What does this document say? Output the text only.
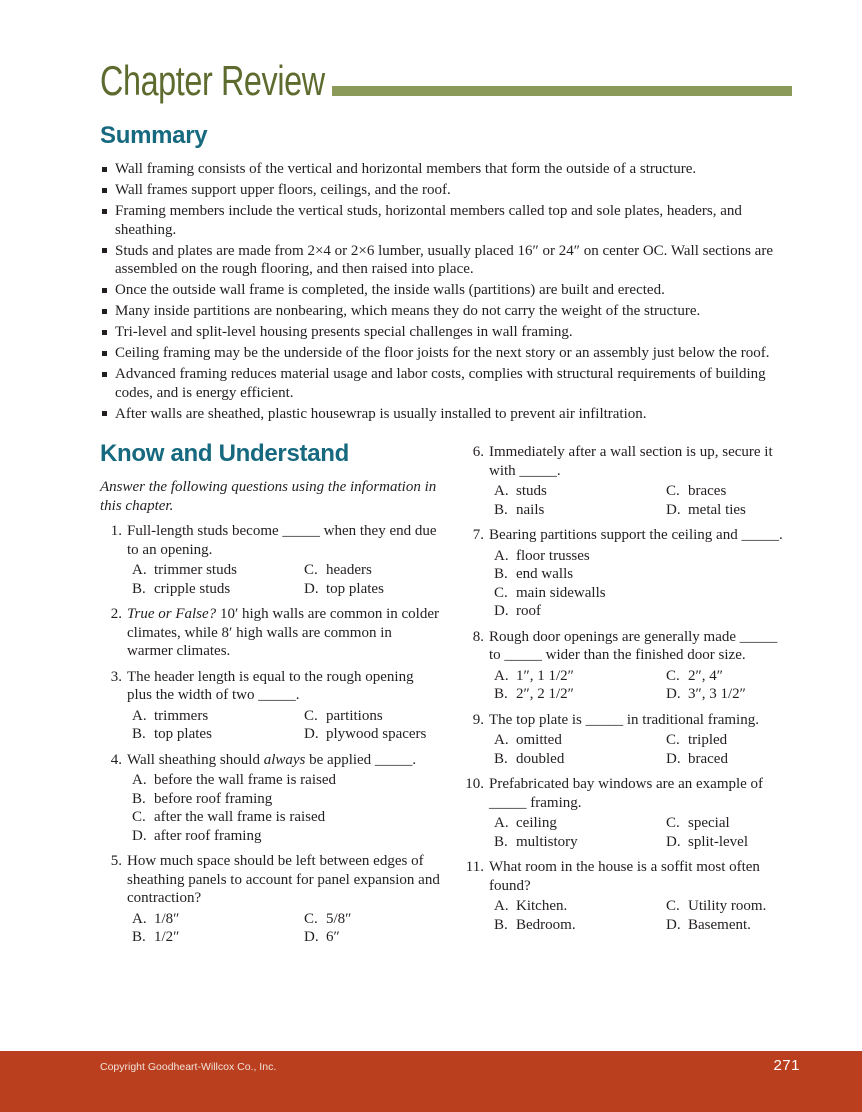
Chapter Review
Summary
Wall framing consists of the vertical and horizontal members that form the outside of a structure.
Wall frames support upper floors, ceilings, and the roof.
Framing members include the vertical studs, horizontal members called top and sole plates, headers, and sheathing.
Studs and plates are made from 2×4 or 2×6 lumber, usually placed 16″ or 24″ on center OC. Wall sections are assembled on the rough flooring, and then raised into place.
Once the outside wall frame is completed, the inside walls (partitions) are built and erected.
Many inside partitions are nonbearing, which means they do not carry the weight of the structure.
Tri-level and split-level housing presents special challenges in wall framing.
Ceiling framing may be the underside of the floor joists for the next story or an assembly just below the roof.
Advanced framing reduces material usage and labor costs, complies with structural requirements of building codes, and is energy efficient.
After walls are sheathed, plastic housewrap is usually installed to prevent air infiltration.
Know and Understand

Answer the following questions using the information in this chapter.

1. Full-length studs become _____ when they end due to an opening.
A. trimmer studs
B. cripple studs
C. headers
D. top plates
2. True or False? 10′ high walls are common in colder climates, while 8′ high walls are common in warmer climates.
3. The header length is equal to the rough opening plus the width of two _____.
A. trimmers
B. top plates
C. partitions
D. plywood spacers
4. Wall sheathing should always be applied _____.
A. before the wall frame is raised
B. before roof framing
C. after the wall frame is raised
D. after roof framing
5. How much space should be left between edges of sheathing panels to account for panel expansion and contraction?
A. 1/8″
B. 1/2″
C. 5/8″
D. 6″
6. Immediately after a wall section is up, secure it with _____.
A. studs
B. nails
C. braces
D. metal ties
7. Bearing partitions support the ceiling and _____.
A. floor trusses
B. end walls
C. main sidewalls
D. roof
8. Rough door openings are generally made _____ to _____ wider than the finished door size.
A. 1″, 1 1/2″
B. 2″, 2 1/2″
C. 2″, 4″
D. 3″, 3 1/2″
9. The top plate is _____ in traditional framing.
A. omitted
B. doubled
C. tripled
D. braced
10. Prefabricated bay windows are an example of _____ framing.
A. ceiling
B. multistory
C. special
D. split-level
11. What room in the house is a soffit most often found?
A. Kitchen.
B. Bedroom.
C. Utility room.
D. Basement.
Copyright Goodheart-Willcox Co., Inc.	271
